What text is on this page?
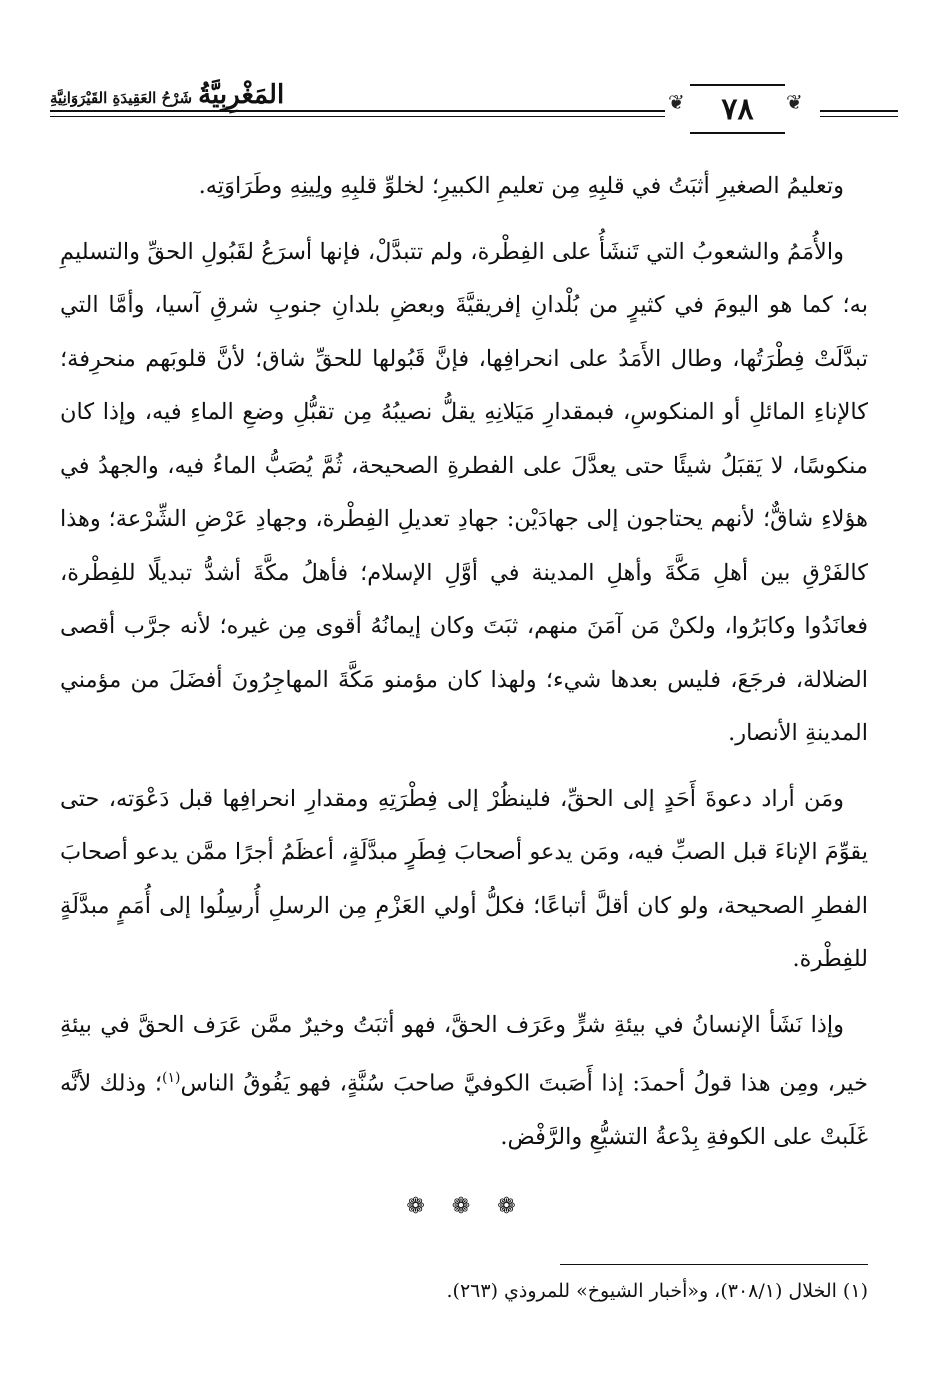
المَغْرِبِيَّةُشَرْحُ العَقِيدَةِ القَيْرَوَانِيَّةِ	❦ ٧٨ ❦

وتعليمُ الصغيرِ أثبَتُ في قلبِهِ مِن تعليمِ الكبيرِ؛ لخلوِّ قلبِهِ ولِينِهِ وطَرَاوَتِه.

والأُمَمُ والشعوبُ التي تَنشَأُ على الفِطْرة، ولم تتبدَّلْ، فإنها أسرَعُ لقَبُولِ الحقِّ والتسليمِ به؛ كما هو اليومَ في كثيرٍ من بُلْدانِ إفريقيَّةَ وبعضِ بلدانِ جنوبِ شرقِ آسيا، وأمَّا التي تبدَّلَتْ فِطْرَتُها، وطال الأَمَدُ على انحرافِها، فإنَّ قَبُولها للحقِّ شاق؛ لأنَّ قلوبَهم منحرِفة؛ كالإناءِ المائلِ أو المنكوسِ، فبمقدارِ مَيَلانِهِ يقلُّ نصيبُهُ مِن تقبُّلِ وضعِ الماءِ فيه، وإذا كان منكوسًا، لا يَقبَلُ شيئًا حتى يعدَّلَ على الفطرةِ الصحيحة، ثُمَّ يُصَبُّ الماءُ فيه، والجهدُ في هؤلاءِ شاقٌّ؛ لأنهم يحتاجون إلى جهادَيْن: جهادِ تعديلِ الفِطْرة، وجهادِ عَرْضِ الشِّرْعة؛ وهذا كالفَرْقِ بين أهلِ مَكَّةَ وأهلِ المدينة في أوَّلِ الإسلام؛ فأهلُ مكَّةَ أشدُّ تبديلًا للفِطْرة، فعانَدُوا وكابَرُوا، ولكنْ مَن آمَنَ منهم، ثبَتَ وكان إيمانُهُ أقوى مِن غيره؛ لأنه جرَّب أقصى الضلالة، فرجَعَ، فليس بعدها شيء؛ ولهذا كان مؤمنو مَكَّةَ المهاجِرُونَ أفضَلَ من مؤمني المدينةِ الأنصار.

ومَن أراد دعوةَ أَحَدٍ إلى الحقِّ، فلينظُرْ إلى فِطْرَتِهِ ومقدارِ انحرافِها قبل دَعْوَته، حتى يقوِّمَ الإناءَ قبل الصبِّ فيه، ومَن يدعو أصحابَ فِطَرٍ مبدَّلَةٍ، أعظَمُ أجرًا ممَّن يدعو أصحابَ الفطرِ الصحيحة، ولو كان أقلَّ أتباعًا؛ فكلُّ أولي العَزْمِ مِن الرسلِ أُرسِلُوا إلى أُمَمٍ مبدَّلَةٍ للفِطْرة.

وإذا نَشَأ الإنسانُ في بيئةِ شرٍّ وعَرَف الحقَّ، فهو أثبَتُ وخيرٌ ممَّن عَرَف الحقَّ في بيئةِ خير، ومِن هذا قولُ أحمدَ: إذا أَصَبتَ الكوفيَّ صاحبَ سُنَّةٍ، فهو يَفُوقُ الناس$^{(١)}$؛ وذلك لأنَّه غَلَبتْ على الكوفةِ بِدْعةُ التشيُّعِ والرَّفْض.

❁ ❁ ❁
(١) الخلال (٣٠٨/١)، و«أخبار الشيوخ» للمروذي (٢٦٣).
